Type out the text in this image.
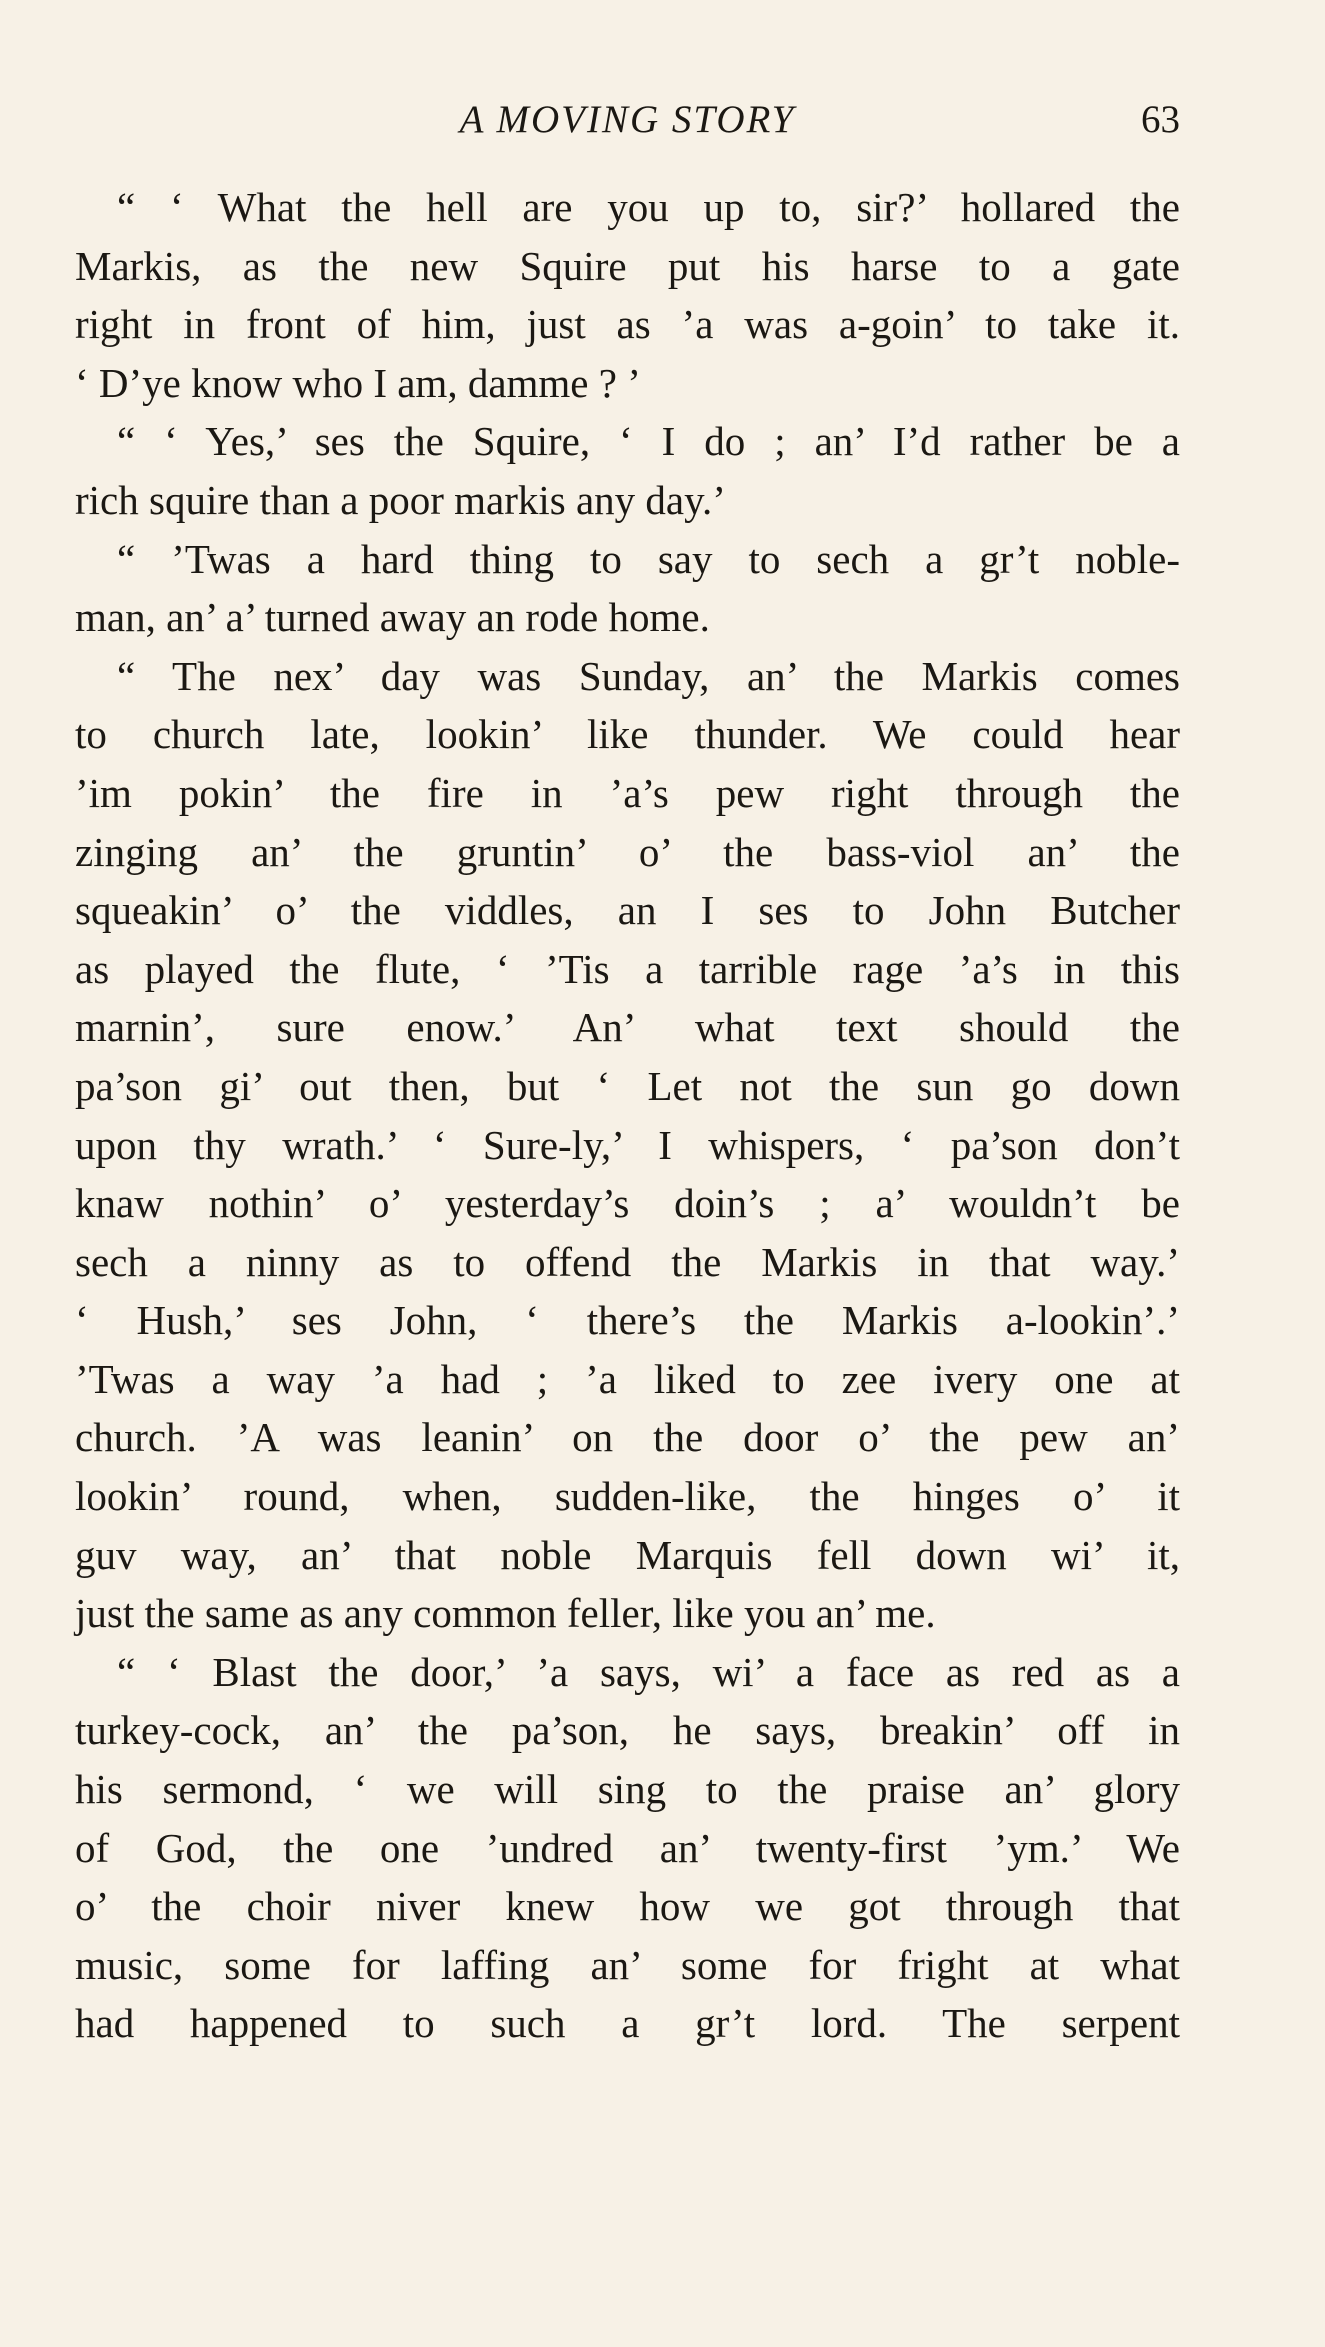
A MOVING STORY	63
“ ‘ What the hell are you up to, sir?’ hollared the
Markis, as the new Squire put his harse to a gate
right in front of him, just as ’a was a-goin’ to take it.
‘ D’ye know who I am, damme ? ’
“ ‘ Yes,’ ses the Squire, ‘ I do ; an’ I’d rather be a
rich squire than a poor markis any day.’
“ ’Twas a hard thing to say to sech a gr’t noble-
man, an’ a’ turned away an rode home.
“ The nex’ day was Sunday, an’ the Markis comes
to church late, lookin’ like thunder. We could hear
’im pokin’ the fire in ’a’s pew right through the
zinging an’ the gruntin’ o’ the bass-viol an’ the
squeakin’ o’ the viddles, an I ses to John Butcher
as played the flute, ‘ ’Tis a tarrible rage ’a’s in this
marnin’, sure enow.’ An’ what text should the
pa’son gi’ out then, but ‘ Let not the sun go down
upon thy wrath.’ ‘ Sure-ly,’ I whispers, ‘ pa’son don’t
knaw nothin’ o’ yesterday’s doin’s ; a’ wouldn’t be
sech a ninny as to offend the Markis in that way.’
‘ Hush,’ ses John, ‘ there’s the Markis a-lookin’.’
’Twas a way ’a had ; ’a liked to zee ivery one at
church. ’A was leanin’ on the door o’ the pew an’
lookin’ round, when, sudden-like, the hinges o’ it
guv way, an’ that noble Marquis fell down wi’ it,
just the same as any common feller, like you an’ me.
“ ‘ Blast the door,’ ’a says, wi’ a face as red as a
turkey-cock, an’ the pa’son, he says, breakin’ off in
his sermond, ‘ we will sing to the praise an’ glory
of God, the one ’undred an’ twenty-first ’ym.’ We
o’ the choir niver knew how we got through that
music, some for laffing an’ some for fright at what
had happened to such a gr’t lord. The serpent
